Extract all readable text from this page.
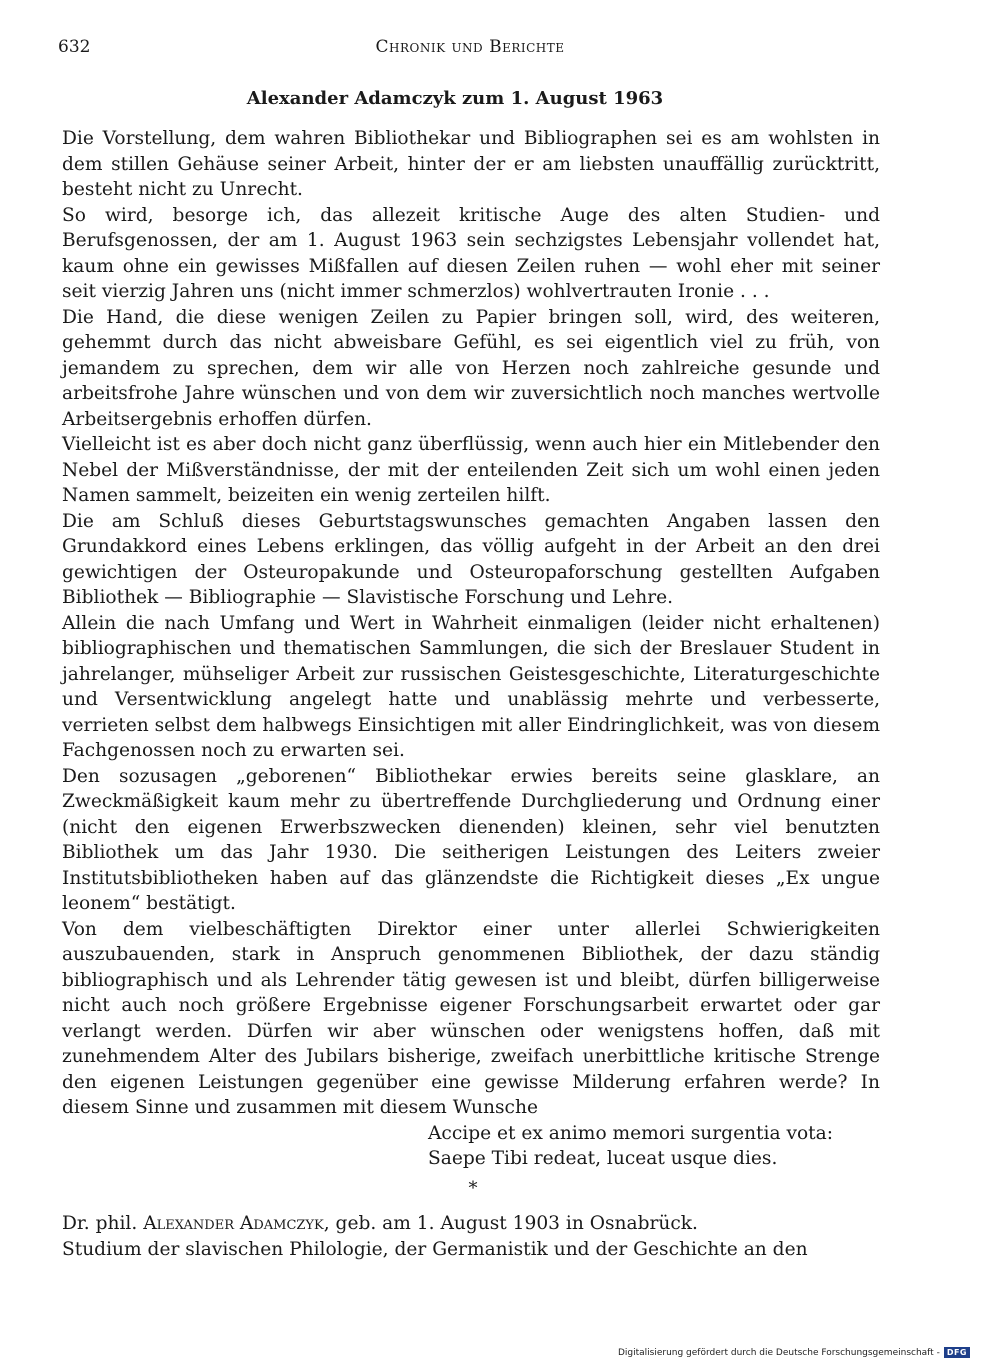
632	Chronik und Berichte
Alexander Adamczyk zum 1. August 1963

Die Vorstellung, dem wahren Bibliothekar und Bibliographen sei es am wohlsten in dem stillen Gehäuse seiner Arbeit, hinter der er am liebsten unauffällig zurücktritt, besteht nicht zu Unrecht.

So wird, besorge ich, das allezeit kritische Auge des alten Studien- und Berufsgenossen, der am 1. August 1963 sein sechzigstes Lebensjahr vollendet hat, kaum ohne ein gewisses Mißfallen auf diesen Zeilen ruhen — wohl eher mit seiner seit vierzig Jahren uns (nicht immer schmerzlos) wohlvertrauten Ironie . . .

Die Hand, die diese wenigen Zeilen zu Papier bringen soll, wird, des weiteren, gehemmt durch das nicht abweisbare Gefühl, es sei eigentlich viel zu früh, von jemandem zu sprechen, dem wir alle von Herzen noch zahlreiche gesunde und arbeitsfrohe Jahre wünschen und von dem wir zuversichtlich noch manches wertvolle Arbeitsergebnis erhoffen dürfen.

Vielleicht ist es aber doch nicht ganz überflüssig, wenn auch hier ein Mitlebender den Nebel der Mißverständnisse, der mit der enteilenden Zeit sich um wohl einen jeden Namen sammelt, beizeiten ein wenig zerteilen hilft.

Die am Schluß dieses Geburtstagswunsches gemachten Angaben lassen den Grundakkord eines Lebens erklingen, das völlig aufgeht in der Arbeit an den drei gewichtigen der Osteuropakunde und Osteuropaforschung gestellten Aufgaben Bibliothek — Bibliographie — Slavistische Forschung und Lehre.

Allein die nach Umfang und Wert in Wahrheit einmaligen (leider nicht erhaltenen) bibliographischen und thematischen Sammlungen, die sich der Breslauer Student in jahrelanger, mühseliger Arbeit zur russischen Geistesgeschichte, Literaturgeschichte und Versentwicklung angelegt hatte und unablässig mehrte und verbesserte, verrieten selbst dem halbwegs Einsichtigen mit aller Eindringlichkeit, was von diesem Fachgenossen noch zu erwarten sei.

Den sozusagen „geborenen“ Bibliothekar erwies bereits seine glasklare, an Zweckmäßigkeit kaum mehr zu übertreffende Durchgliederung und Ordnung einer (nicht den eigenen Erwerbszwecken dienenden) kleinen, sehr viel benutzten Bibliothek um das Jahr 1930. Die seitherigen Leistungen des Leiters zweier Institutsbibliotheken haben auf das glänzendste die Richtigkeit dieses „Ex ungue leonem“ bestätigt.

Von dem vielbeschäftigten Direktor einer unter allerlei Schwierigkeiten auszubauenden, stark in Anspruch genommenen Bibliothek, der dazu ständig bibliographisch und als Lehrender tätig gewesen ist und bleibt, dürfen billigerweise nicht auch noch größere Ergebnisse eigener Forschungsarbeit erwartet oder gar verlangt werden. Dürfen wir aber wünschen oder wenigstens hoffen, daß mit zunehmendem Alter des Jubilars bisherige, zweifach unerbittliche kritische Strenge den eigenen Leistungen gegenüber eine gewisse Milderung erfahren werde? In diesem Sinne und zusammen mit diesem Wunsche

Accipe et ex animo memori surgentia vota:
Saepe Tibi redeat, luceat usque dies.
*

Dr. phil. Alexander Adamczyk, geb. am 1. August 1903 in Osnabrück.

Studium der slavischen Philologie, der Germanistik und der Geschichte an den

Digitalisierung gefördert durch die Deutsche Forschungsgemeinschaft - DFG
